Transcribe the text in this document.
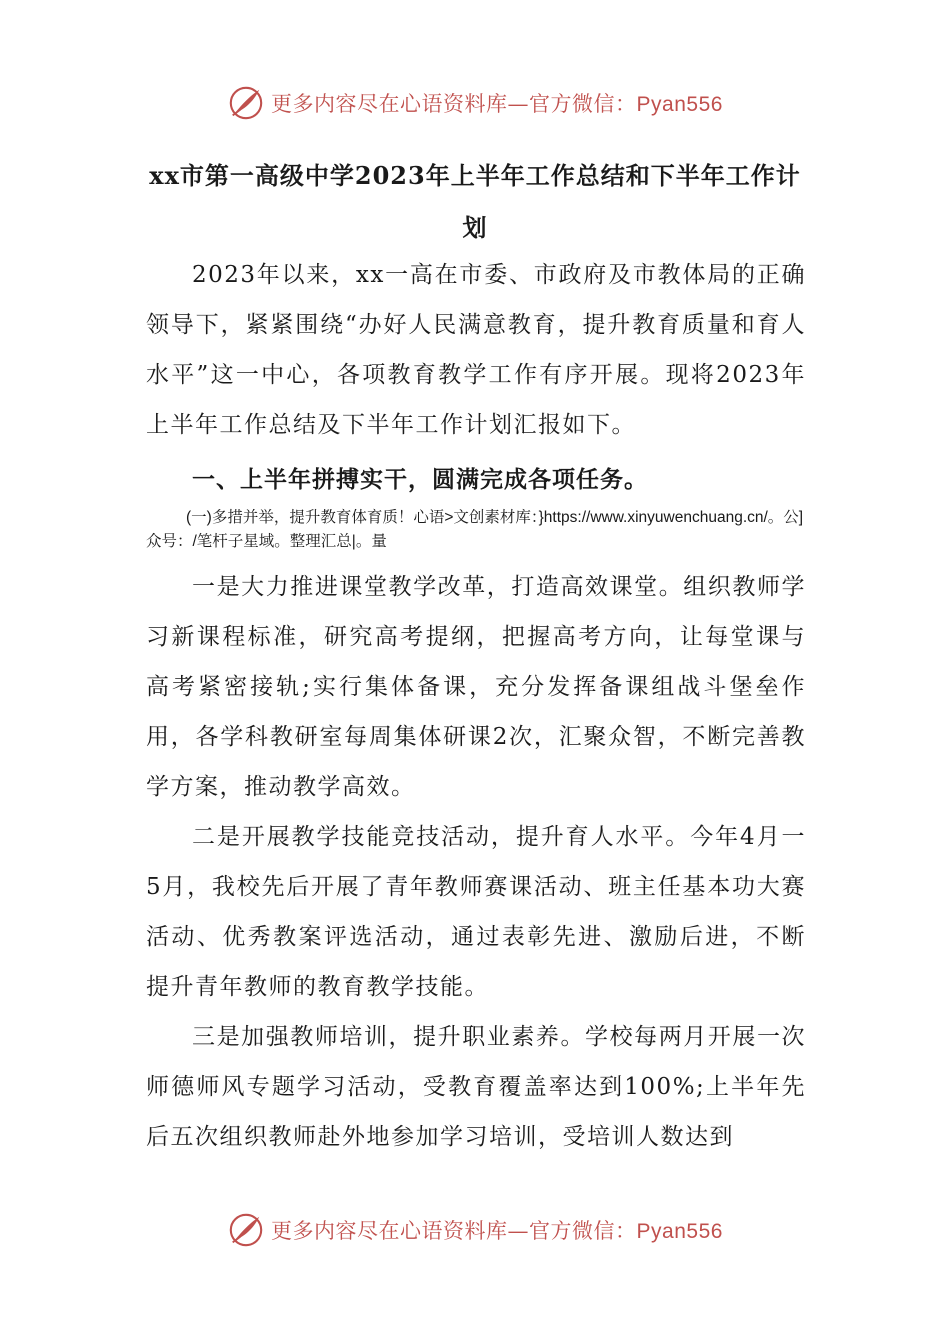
更多内容尽在心语资料库—官方微信：Pyan556
xx市第一高级中学2023年上半年工作总结和下半年工作计划

2023年以来，xx一高在市委、市政府及市教体局的正确领导下，紧紧围绕“办好人民满意教育，提升教育质量和育人水平”这一中心，各项教育教学工作有序开展。现将2023年上半年工作总结及下半年工作计划汇报如下。

一、上半年拼搏实干，圆满完成各项任务。

(一)多措并举，提升教育体育质！心语>文创素材库：}https://www.xinyuwenchuang.cn/。公]众号：/笔杆子星域。整理汇总|。量

一是大力推进课堂教学改革，打造高效课堂。组织教师学习新课程标准，研究高考提纲，把握高考方向，让每堂课与高考紧密接轨;实行集体备课，充分发挥备课组战斗堡垒作用，各学科教研室每周集体研课2次，汇聚众智，不断完善教学方案，推动教学高效。

二是开展教学技能竞技活动，提升育人水平。今年4月一5月，我校先后开展了青年教师赛课活动、班主任基本功大赛活动、优秀教案评选活动，通过表彰先进、激励后进，不断提升青年教师的教育教学技能。

三是加强教师培训，提升职业素养。学校每两月开展一次师德师风专题学习活动，受教育覆盖率达到100%;上半年先后五次组织教师赴外地参加学习培训，受培训人数达到

更多内容尽在心语资料库—官方微信：Pyan556
